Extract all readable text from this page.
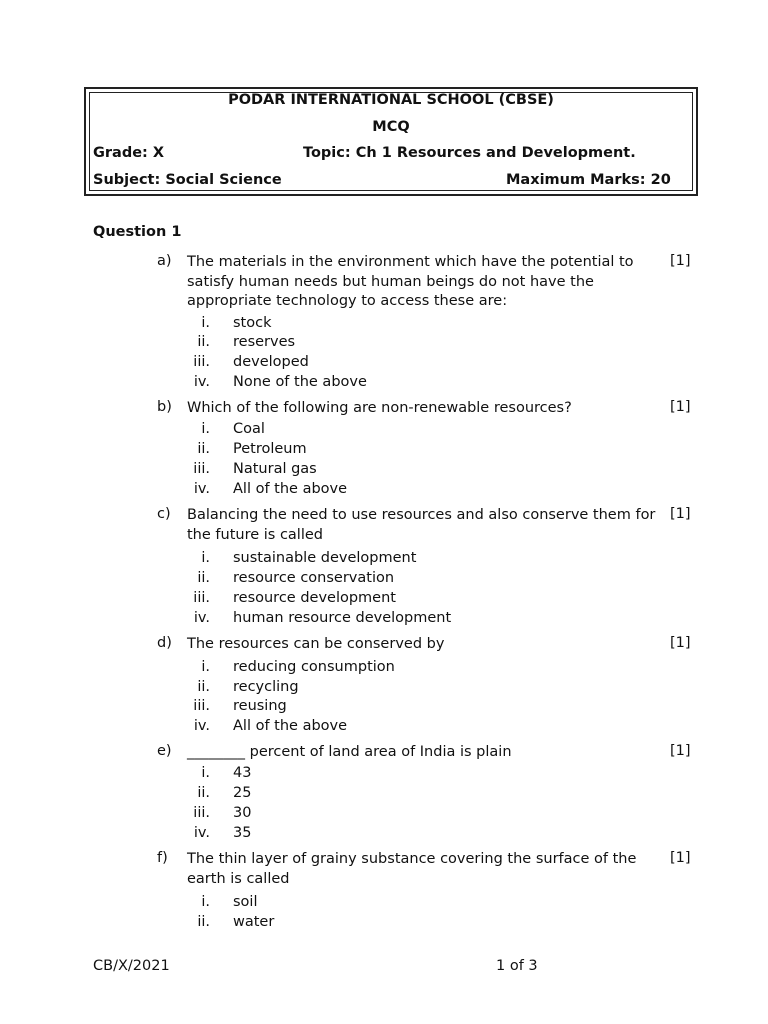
PODAR INTERNATIONAL SCHOOL (CBSE)
MCQ
Grade: X	Topic: Ch 1 Resources and Development.
Subject: Social Science	Maximum Marks: 20
Question 1
a) The materials in the environment which have the potential to satisfy human needs but human beings do not have the appropriate technology to access these are:
[1]
i. stock
ii. reserves
iii. developed
iv. None of the above
b) Which of the following are non-renewable resources?	[1]
i. Coal
ii. Petroleum
iii. Natural gas
iv. All of the above
c) Balancing the need to use resources and also conserve them for the future is called
[1]
i. sustainable development
ii. resource conservation
iii. resource development
iv. human resource development
d) The resources can be conserved by	[1]
i. reducing consumption
ii. recycling
iii. reusing
iv. All of the above
e) ________ percent of land area of India is plain	[1]
i. 43
ii. 25
iii. 30
iv. 35
f) The thin layer of grainy substance covering the surface of the earth is called
[1]
i. soil
ii. water
CB/X/2021	1 of 3
